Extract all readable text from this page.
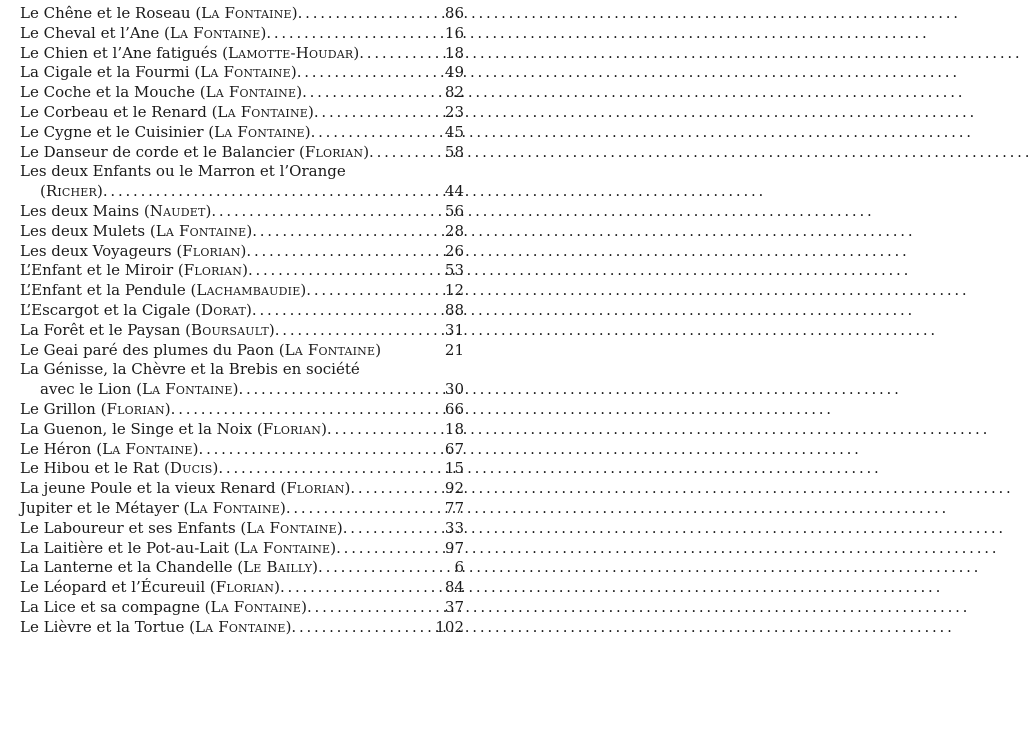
Le Chêne et le Roseau (La Fontaine) . . .	86
Le Cheval et l’Ane (La Fontaine) . . .	16
Le Chien et l’Ane fatigués (Lamotte-Houdar) . . .	18
La Cigale et la Fourmi (La Fontaine) . . .	49
Le Coche et la Mouche (La Fontaine) . . .	82
Le Corbeau et le Renard (La Fontaine) . . .	23
Le Cygne et le Cuisinier (La Fontaine) . . .	45
Le Danseur de corde et le Balancier (Florian) . . .	58
Les deux Enfants ou le Marron et l’Orange
(Richer) . . .	44
Les deux Mains (Naudet) . . .	56
Les deux Mulets (La Fontaine) . . .	28
Les deux Voyageurs (Florian) . . .	26
L’Enfant et le Miroir (Florian) . . .	53
L’Enfant et la Pendule (Lachambaudie) . . .	12
L’Escargot et la Cigale (Dorat) . . .	88
La Forêt et le Paysan (Boursault) . . .	31
Le Geai paré des plumes du Paon (La Fontaine)	21
La Génisse, la Chèvre et la Brebis en société
avec le Lion (La Fontaine) . . .	30
Le Grillon (Florian) . . .	66
La Guenon, le Singe et la Noix (Florian) . . .	18
Le Héron (La Fontaine) . . .	67
Le Hibou et le Rat (Ducis) . . .	15
La jeune Poule et la vieux Renard (Florian) . . .	92
Jupiter et le Métayer (La Fontaine) . . .	77
Le Laboureur et ses Enfants (La Fontaine) . . .	33
La Laitière et le Pot-au-Lait (La Fontaine) . . .	97
La Lanterne et la Chandelle (Le Bailly) . . .	6
Le Léopard et l’Écureuil (Florian) . . .	84
La Lice et sa compagne (La Fontaine) . . .	37
Le Lièvre et la Tortue (La Fontaine) . . .	102
